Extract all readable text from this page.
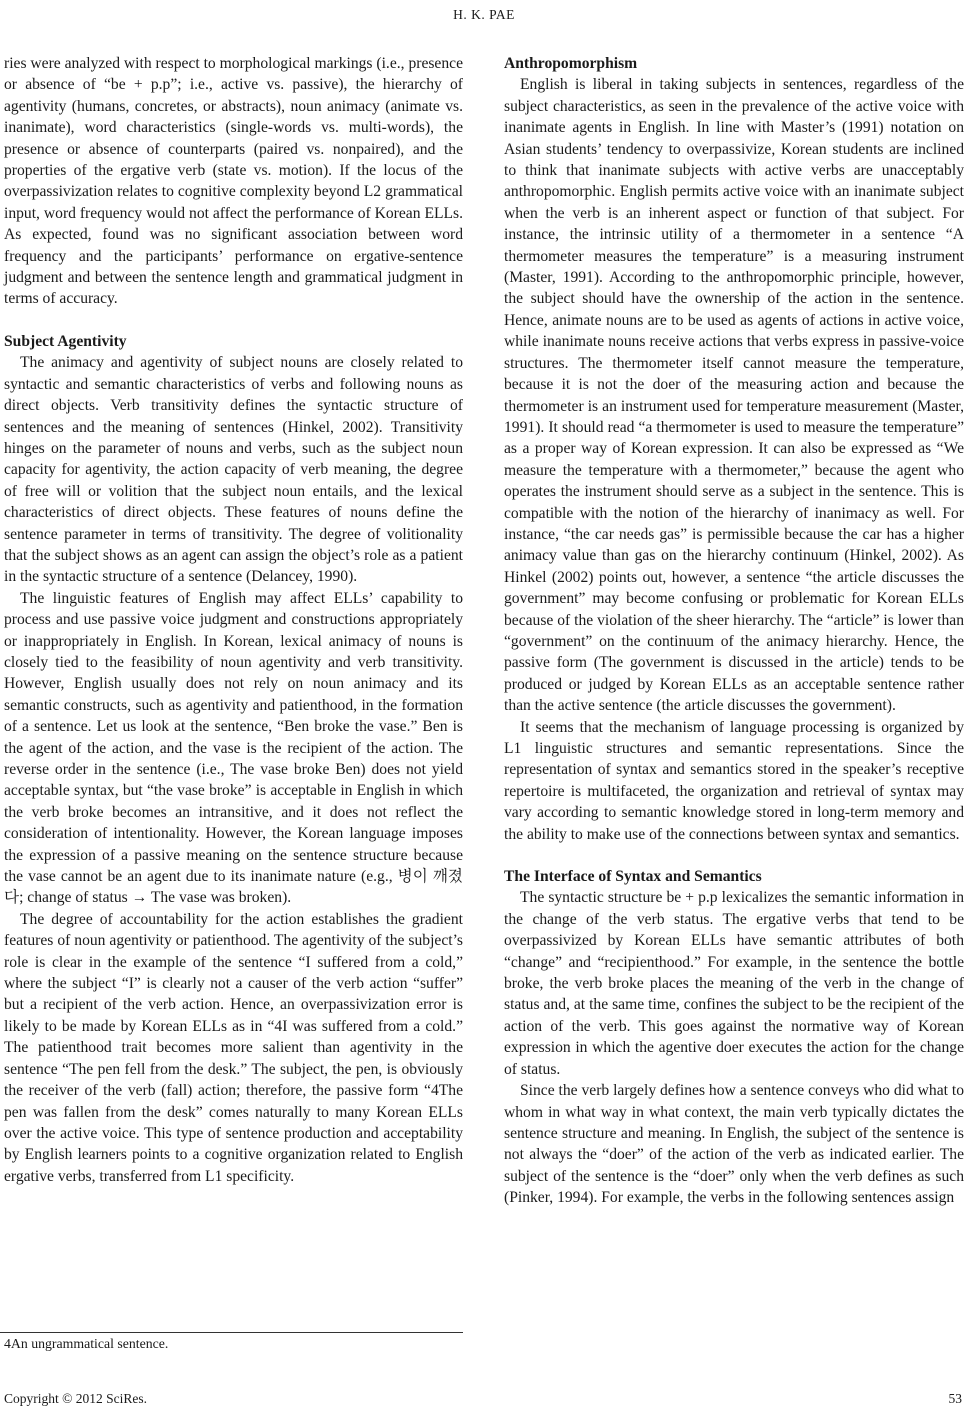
H. K. PAE

ries were analyzed with respect to morphological markings (i.e., presence or absence of “be + p.p”; i.e., active vs. passive), the hierarchy of agentivity (humans, concretes, or abstracts), noun animacy (animate vs. inanimate), word characteristics (single-words vs. multi-words), the presence or absence of counterparts (paired vs. nonpaired), and the properties of the ergative verb (state vs. motion). If the locus of the overpassivization relates to cognitive complexity beyond L2 grammatical input, word frequency would not affect the performance of Korean ELLs. As expected, found was no significant association between word frequency and the participants’ performance on ergative-sentence judgment and between the sentence length and grammatical judgment in terms of accuracy.

Subject Agentivity

The animacy and agentivity of subject nouns are closely related to syntactic and semantic characteristics of verbs and following nouns as direct objects. Verb transitivity defines the syntactic structure of sentences and the meaning of sentences (Hinkel, 2002). Transitivity hinges on the parameter of nouns and verbs, such as the subject noun capacity for agentivity, the action capacity of verb meaning, the degree of free will or volition that the subject noun entails, and the lexical characteristics of direct objects. These features of nouns define the sentence parameter in terms of transitivity. The degree of volitionality that the subject shows as an agent can assign the object’s role as a patient in the syntactic structure of a sentence (Delancey, 1990).

The linguistic features of English may affect ELLs’ capability to process and use passive voice judgment and constructions appropriately or inappropriately in English. In Korean, lexical animacy of nouns is closely tied to the feasibility of noun agentivity and verb transitivity. However, English usually does not rely on noun animacy and its semantic constructs, such as agentivity and patienthood, in the formation of a sentence. Let us look at the sentence, “Ben broke the vase.” Ben is the agent of the action, and the vase is the recipient of the action. The reverse order in the sentence (i.e., The vase broke Ben) does not yield acceptable syntax, but “the vase broke” is acceptable in English in which the verb broke becomes an intransitive, and it does not reflect the consideration of intentionality. However, the Korean language imposes the expression of a passive meaning on the sentence structure because the vase cannot be an agent due to its inanimate nature (e.g., 병이 깨졌다; change of status → The vase was broken).

The degree of accountability for the action establishes the gradient features of noun agentivity or patienthood. The agentivity of the subject’s role is clear in the example of the sentence “I suffered from a cold,” where the subject “I” is clearly not a causer of the verb action “suffer” but a recipient of the verb action. Hence, an overpassivization error is likely to be made by Korean ELLs as in “4I was suffered from a cold.” The patienthood trait becomes more salient than agentivity in the sentence “The pen fell from the desk.” The subject, the pen, is obviously the receiver of the verb (fall) action; therefore, the passive form “4The pen was fallen from the desk” comes naturally to many Korean ELLs over the active voice. This type of sentence production and acceptability by English learners points to a cognitive organization related to English ergative verbs, transferred from L1 specificity.

4An ungrammatical sentence.
Anthropomorphism

English is liberal in taking subjects in sentences, regardless of the subject characteristics, as seen in the prevalence of the active voice with inanimate agents in English. In line with Master’s (1991) notation on Asian students’ tendency to overpassivize, Korean students are inclined to think that inanimate subjects with active verbs are unacceptably anthropomorphic. English permits active voice with an inanimate subject when the verb is an inherent aspect or function of that subject. For instance, the intrinsic utility of a thermometer in a sentence “A thermometer measures the temperature” is a measuring instrument (Master, 1991). According to the anthropomorphic principle, however, the subject should have the ownership of the action in the sentence. Hence, animate nouns are to be used as agents of actions in active voice, while inanimate nouns receive actions that verbs express in passive-voice structures. The thermometer itself cannot measure the temperature, because it is not the doer of the measuring action and because the thermometer is an instrument used for temperature measurement (Master, 1991). It should read “a thermometer is used to measure the temperature” as a proper way of Korean expression. It can also be expressed as “We measure the temperature with a thermometer,” because the agent who operates the instrument should serve as a subject in the sentence. This is compatible with the notion of the hierarchy of inanimacy as well. For instance, “the car needs gas” is permissible because the car has a higher animacy value than gas on the hierarchy continuum (Hinkel, 2002). As Hinkel (2002) points out, however, a sentence “the article discusses the government” may become confusing or problematic for Korean ELLs because of the violation of the sheer hierarchy. The “article” is lower than “government” on the continuum of the animacy hierarchy. Hence, the passive form (The government is discussed in the article) tends to be produced or judged by Korean ELLs as an acceptable sentence rather than the active sentence (the article discusses the government).

It seems that the mechanism of language processing is organized by L1 linguistic structures and semantic representations. Since the representation of syntax and semantics stored in the speaker’s receptive repertoire is multifaceted, the organization and retrieval of syntax may vary according to semantic knowledge stored in long-term memory and the ability to make use of the connections between syntax and semantics.

The Interface of Syntax and Semantics

The syntactic structure be + p.p lexicalizes the semantic information in the change of the verb status. The ergative verbs that tend to be overpassivized by Korean ELLs have semantic attributes of both “change” and “recipienthood.” For example, in the sentence the bottle broke, the verb broke places the meaning of the verb in the change of status and, at the same time, confines the subject to be the recipient of the action of the verb. This goes against the normative way of Korean expression in which the agentive doer executes the action for the change of status.

Since the verb largely defines how a sentence conveys who did what to whom in what way in what context, the main verb typically dictates the sentence structure and meaning. In English, the subject of the sentence is not always the “doer” of the action of the verb as indicated earlier. The subject of the sentence is the “doer” only when the verb defines as such (Pinker, 1994). For example, the verbs in the following sentences assign

Copyright © 2012 SciRes.	53
